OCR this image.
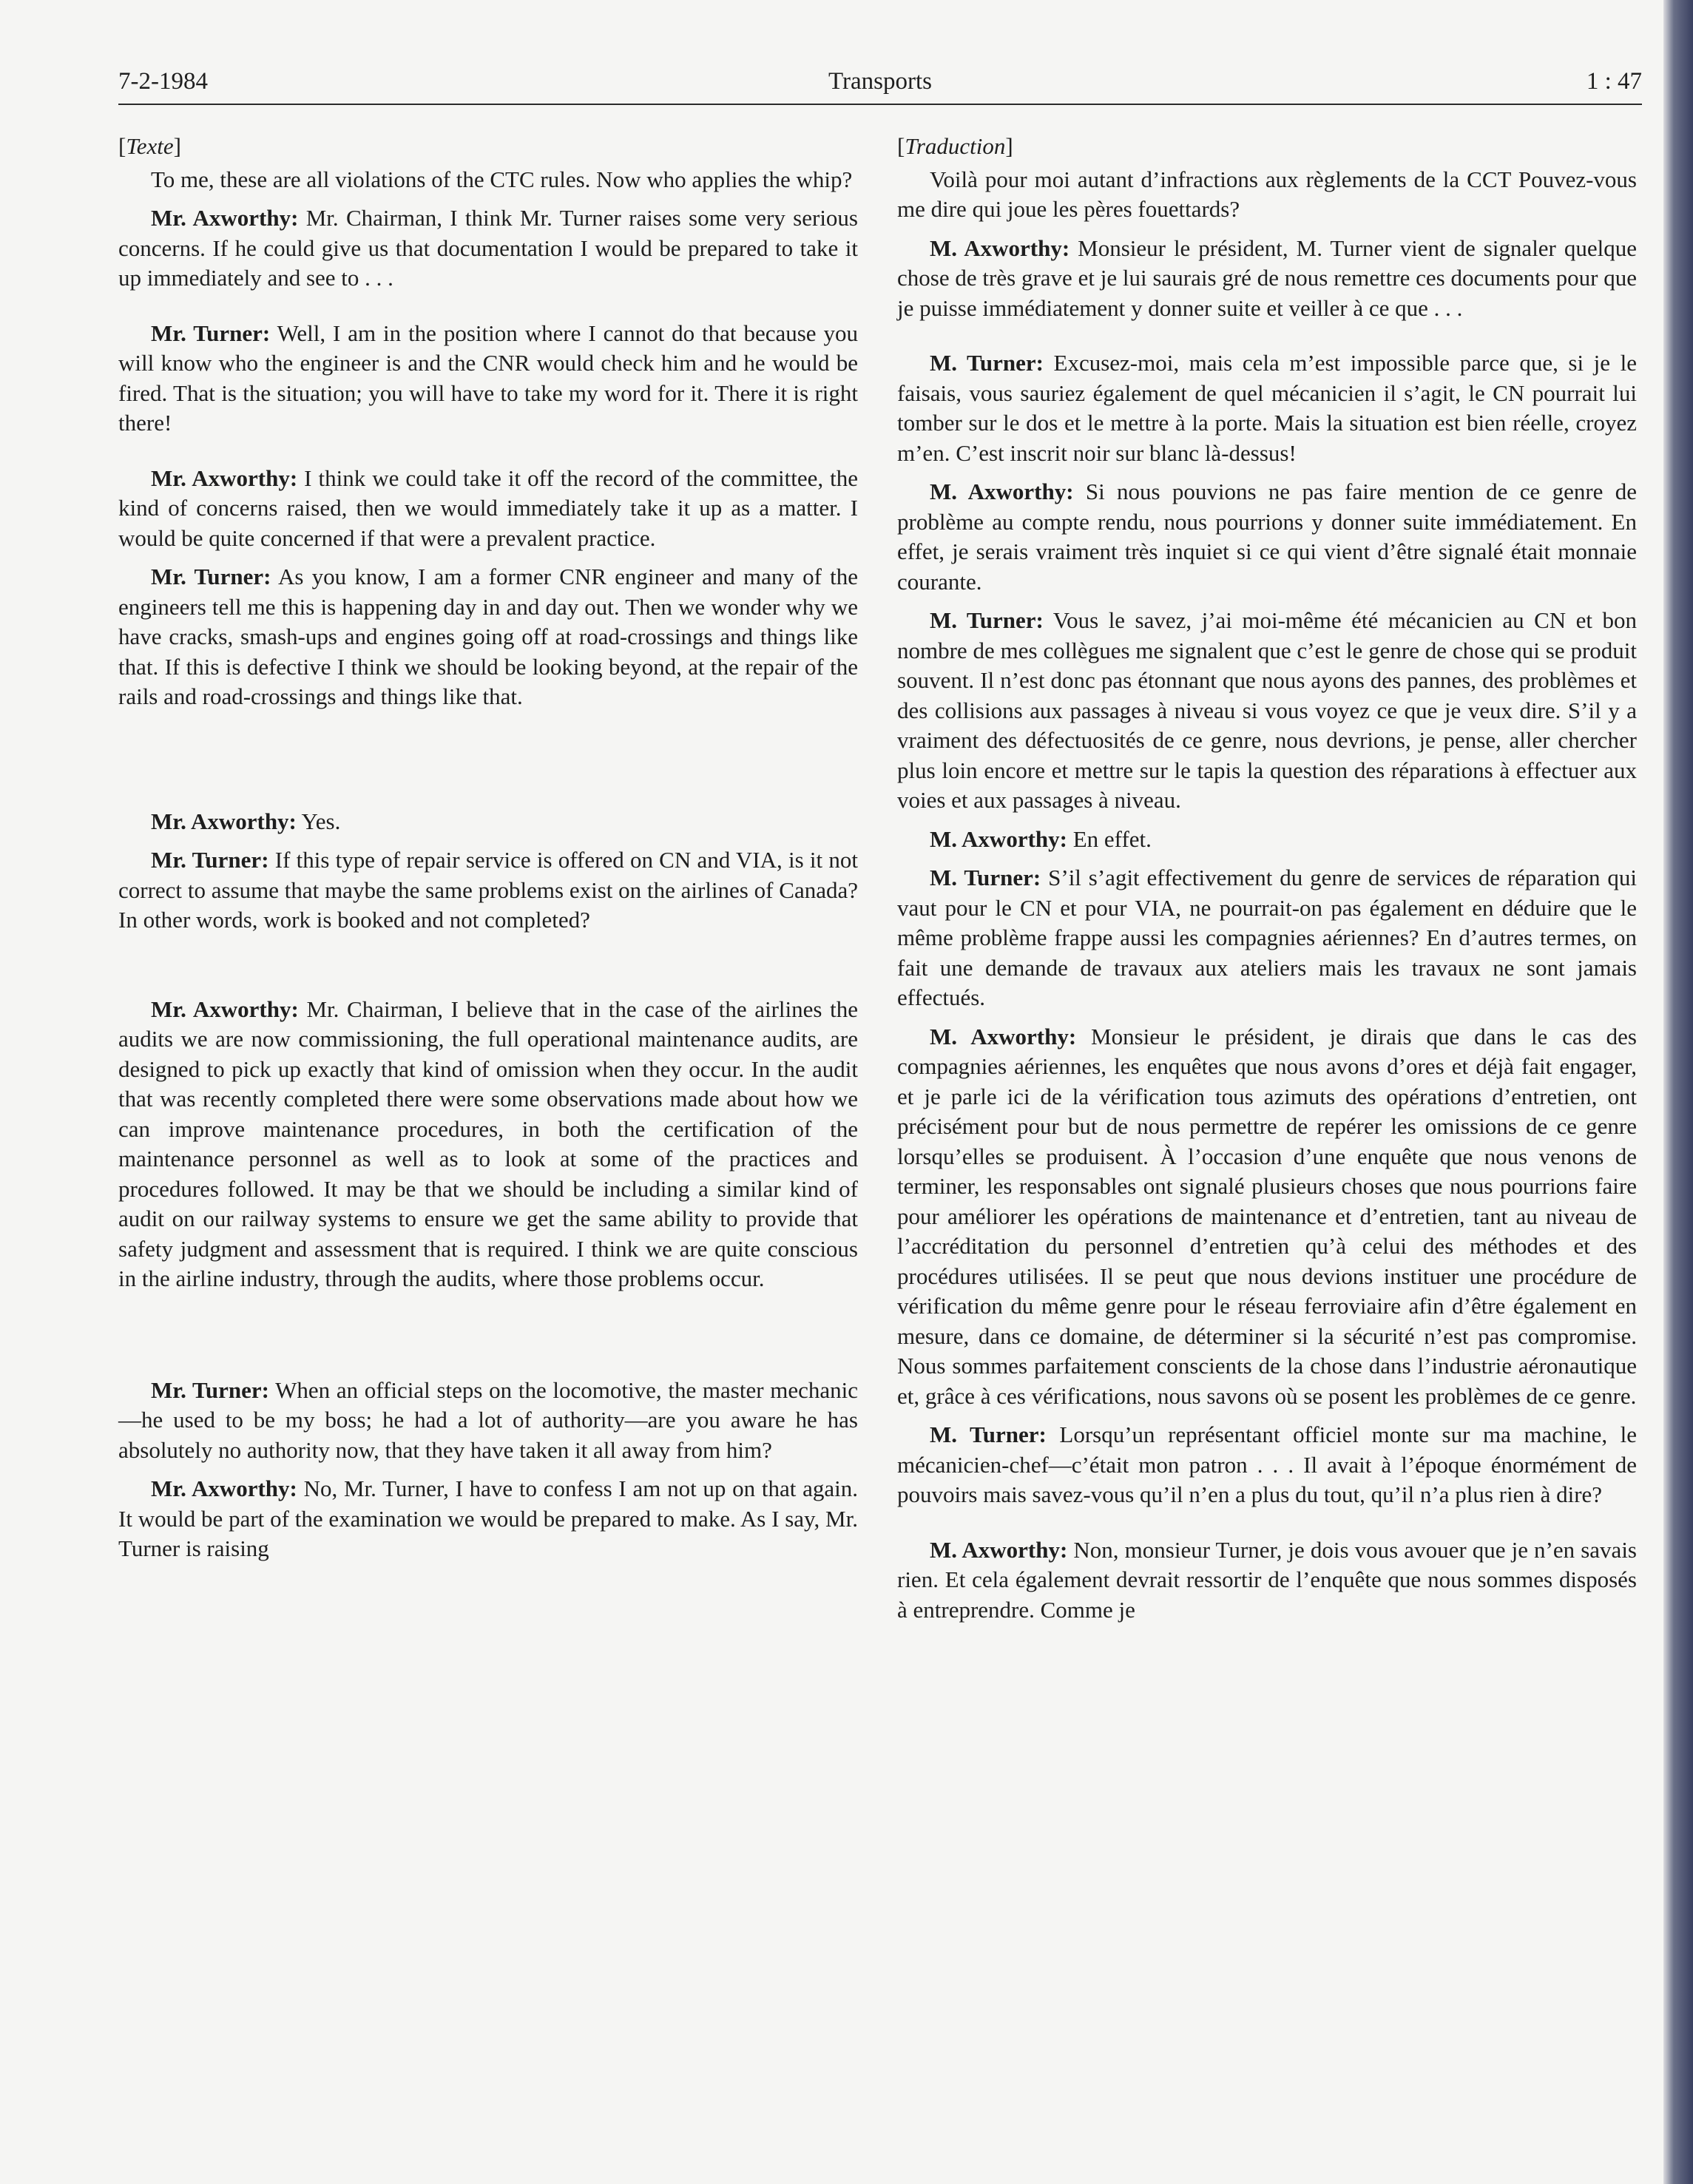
7-2-1984	Transports	1 : 47

[Texte]

To me, these are all violations of the CTC rules. Now who applies the whip?

Mr. Axworthy: Mr. Chairman, I think Mr. Turner raises some very serious concerns. If he could give us that documentation I would be prepared to take it up immediately and see to . . .

Mr. Turner: Well, I am in the position where I cannot do that because you will know who the engineer is and the CNR would check him and he would be fired. That is the situation; you will have to take my word for it. There it is right there!

Mr. Axworthy: I think we could take it off the record of the committee, the kind of concerns raised, then we would immediately take it up as a matter. I would be quite concerned if that were a prevalent practice.

Mr. Turner: As you know, I am a former CNR engineer and many of the engineers tell me this is happening day in and day out. Then we wonder why we have cracks, smash-ups and engines going off at road-crossings and things like that. If this is defective I think we should be looking beyond, at the repair of the rails and road-crossings and things like that.

Mr. Axworthy: Yes.

Mr. Turner: If this type of repair service is offered on CN and VIA, is it not correct to assume that maybe the same problems exist on the airlines of Canada? In other words, work is booked and not completed?

Mr. Axworthy: Mr. Chairman, I believe that in the case of the airlines the audits we are now commissioning, the full operational maintenance audits, are designed to pick up exactly that kind of omission when they occur. In the audit that was recently completed there were some observations made about how we can improve maintenance procedures, in both the certification of the maintenance personnel as well as to look at some of the practices and procedures followed. It may be that we should be including a similar kind of audit on our railway systems to ensure we get the same ability to provide that safety judgment and assessment that is required. I think we are quite conscious in the airline industry, through the audits, where those problems occur.

Mr. Turner: When an official steps on the locomotive, the master mechanic—he used to be my boss; he had a lot of authority—are you aware he has absolutely no authority now, that they have taken it all away from him?

Mr. Axworthy: No, Mr. Turner, I have to confess I am not up on that again. It would be part of the examination we would be prepared to make. As I say, Mr. Turner is raising

[Traduction]

Voilà pour moi autant d’infractions aux règlements de la CCT Pouvez-vous me dire qui joue les pères fouettards?

M. Axworthy: Monsieur le président, M. Turner vient de signaler quelque chose de très grave et je lui saurais gré de nous remettre ces documents pour que je puisse immédiatement y donner suite et veiller à ce que . . .

M. Turner: Excusez-moi, mais cela m’est impossible parce que, si je le faisais, vous sauriez également de quel mécanicien il s’agit, le CN pourrait lui tomber sur le dos et le mettre à la porte. Mais la situation est bien réelle, croyez m’en. C’est inscrit noir sur blanc là-dessus!

M. Axworthy: Si nous pouvions ne pas faire mention de ce genre de problème au compte rendu, nous pourrions y donner suite immédiatement. En effet, je serais vraiment très inquiet si ce qui vient d’être signalé était monnaie courante.

M. Turner: Vous le savez, j’ai moi-même été mécanicien au CN et bon nombre de mes collègues me signalent que c’est le genre de chose qui se produit souvent. Il n’est donc pas étonnant que nous ayons des pannes, des problèmes et des collisions aux passages à niveau si vous voyez ce que je veux dire. S’il y a vraiment des défectuosités de ce genre, nous devrions, je pense, aller chercher plus loin encore et mettre sur le tapis la question des réparations à effectuer aux voies et aux passages à niveau.

M. Axworthy: En effet.

M. Turner: S’il s’agit effectivement du genre de services de réparation qui vaut pour le CN et pour VIA, ne pourrait-on pas également en déduire que le même problème frappe aussi les compagnies aériennes? En d’autres termes, on fait une demande de travaux aux ateliers mais les travaux ne sont jamais effectués.

M. Axworthy: Monsieur le président, je dirais que dans le cas des compagnies aériennes, les enquêtes que nous avons d’ores et déjà fait engager, et je parle ici de la vérification tous azimuts des opérations d’entretien, ont précisément pour but de nous permettre de repérer les omissions de ce genre lorsqu’elles se produisent. À l’occasion d’une enquête que nous venons de terminer, les responsables ont signalé plusieurs choses que nous pourrions faire pour améliorer les opérations de maintenance et d’entretien, tant au niveau de l’accréditation du personnel d’entretien qu’à celui des méthodes et des procédures utilisées. Il se peut que nous devions instituer une procédure de vérification du même genre pour le réseau ferroviaire afin d’être également en mesure, dans ce domaine, de déterminer si la sécurité n’est pas compromise. Nous sommes parfaitement conscients de la chose dans l’industrie aéronautique et, grâce à ces vérifications, nous savons où se posent les problèmes de ce genre.

M. Turner: Lorsqu’un représentant officiel monte sur ma machine, le mécanicien-chef—c’était mon patron . . . Il avait à l’époque énormément de pouvoirs mais savez-vous qu’il n’en a plus du tout, qu’il n’a plus rien à dire?

M. Axworthy: Non, monsieur Turner, je dois vous avouer que je n’en savais rien. Et cela également devrait ressortir de l’enquête que nous sommes disposés à entreprendre. Comme je
